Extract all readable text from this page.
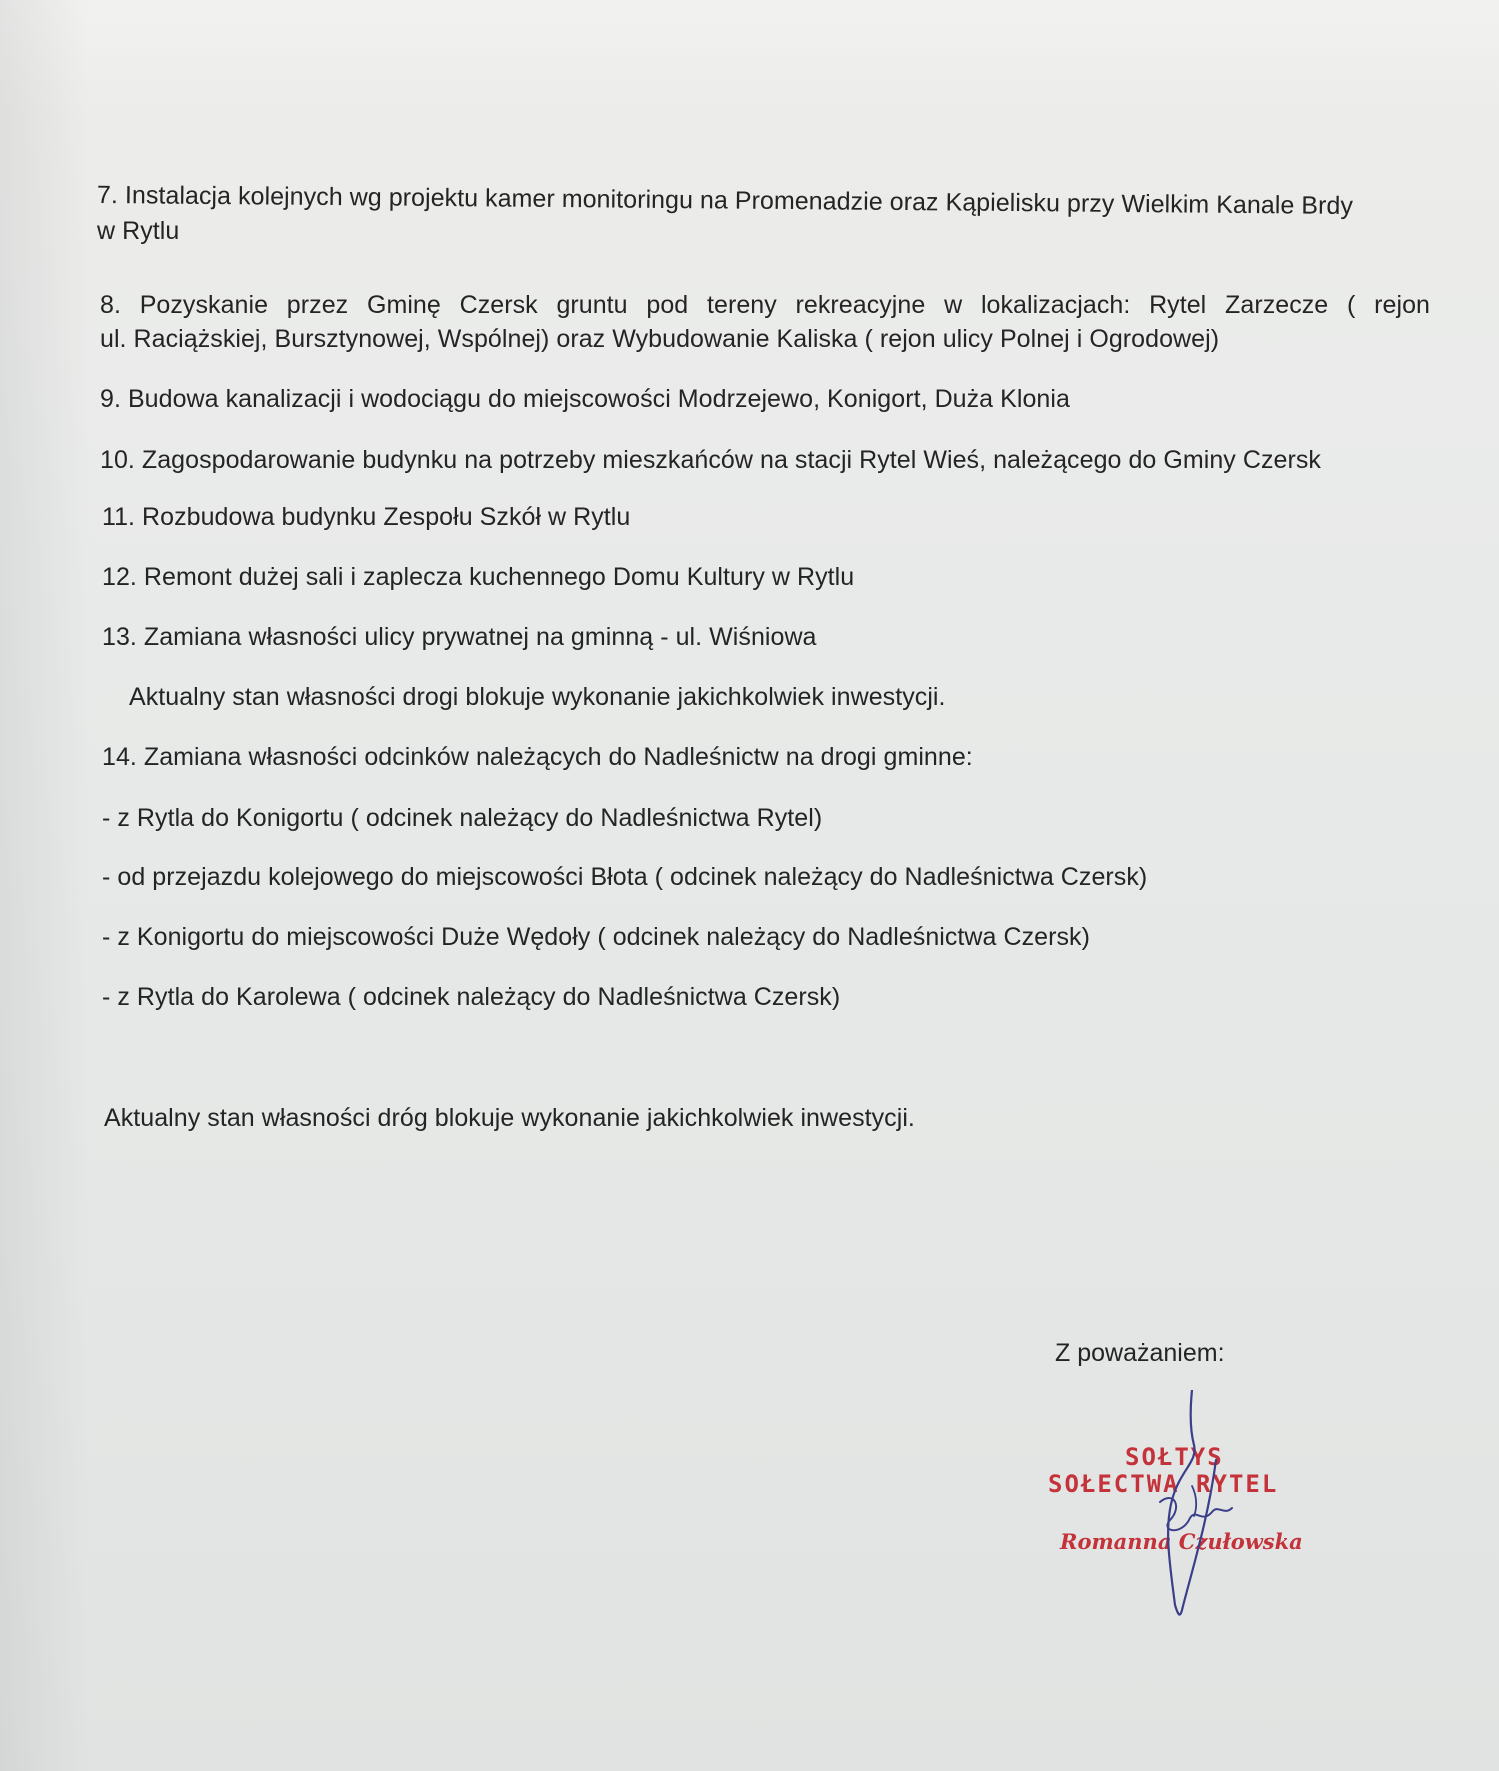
7. Instalacja kolejnych wg projektu kamer monitoringu na Promenadzie oraz Kąpielisku przy Wielkim Kanale Brdy
w Rytlu
8. Pozyskanie przez Gminę Czersk gruntu pod tereny rekreacyjne w lokalizacjach: Rytel Zarzecze ( rejon
ul. Raciążskiej, Bursztynowej, Wspólnej) oraz Wybudowanie Kaliska ( rejon ulicy Polnej i Ogrodowej)
9. Budowa kanalizacji i wodociągu do miejscowości Modrzejewo, Konigort, Duża Klonia
10. Zagospodarowanie budynku na potrzeby mieszkańców na stacji Rytel Wieś, należącego do Gminy Czersk
11. Rozbudowa budynku Zespołu Szkół w Rytlu
12. Remont dużej sali i zaplecza kuchennego Domu Kultury w Rytlu
13. Zamiana własności ulicy prywatnej na gminną - ul. Wiśniowa
Aktualny stan własności drogi blokuje wykonanie jakichkolwiek inwestycji.
14. Zamiana własności odcinków należących do Nadleśnictw na drogi gminne:
- z Rytla do Konigortu ( odcinek należący do Nadleśnictwa Rytel)
- od przejazdu kolejowego do miejscowości Błota ( odcinek należący do Nadleśnictwa Czersk)
- z Konigortu do miejscowości Duże Wędoły ( odcinek należący do Nadleśnictwa Czersk)
- z Rytla do Karolewa ( odcinek należący do Nadleśnictwa Czersk)
Aktualny stan własności dróg blokuje wykonanie jakichkolwiek inwestycji.
Z poważaniem:
SOŁTYS
SOŁECTWA RYTEL
Romanna Czułowska
